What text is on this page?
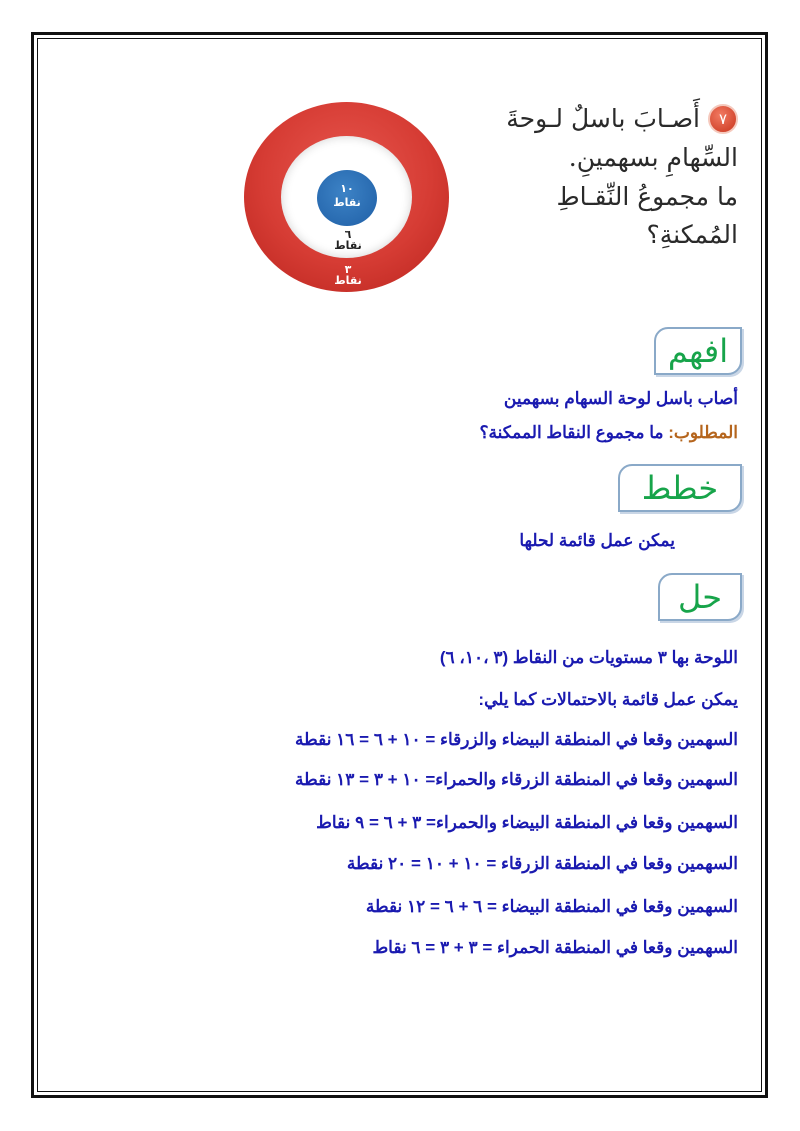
٧أَصـابَ باسلٌ لـوحةَ
السِّهامِ بسهمينِ.
ما مجموعُ النِّقـاطِ
المُمكنةِ؟
١٠
نقاط
٦
نقاط
٣
نقاط
افهم
أصاب باسل لوحة السهام بسهمين
المطلوب: ما مجموع النقاط الممكنة؟
خطط
يمكن عمل قائمة لحلها
حل
اللوحة بها ٣ مستويات من النقاط (٣ ،١٠، ٦)
يمكن عمل قائمة بالاحتمالات كما يلي:
السهمين وقعا في المنطقة البيضاء والزرقاء = ١٠ + ٦ = ١٦ نقطة
السهمين وقعا في المنطقة الزرقاء والحمراء= ١٠ + ٣ = ١٣ نقطة
السهمين وقعا في المنطقة البيضاء والحمراء= ٣ + ٦ = ٩ نقاط
السهمين وقعا في المنطقة الزرقاء = ١٠ + ١٠ = ٢٠ نقطة
السهمين وقعا في المنطقة البيضاء = ٦ + ٦ = ١٢ نقطة
السهمين وقعا في المنطقة الحمراء = ٣ + ٣ = ٦ نقاط
